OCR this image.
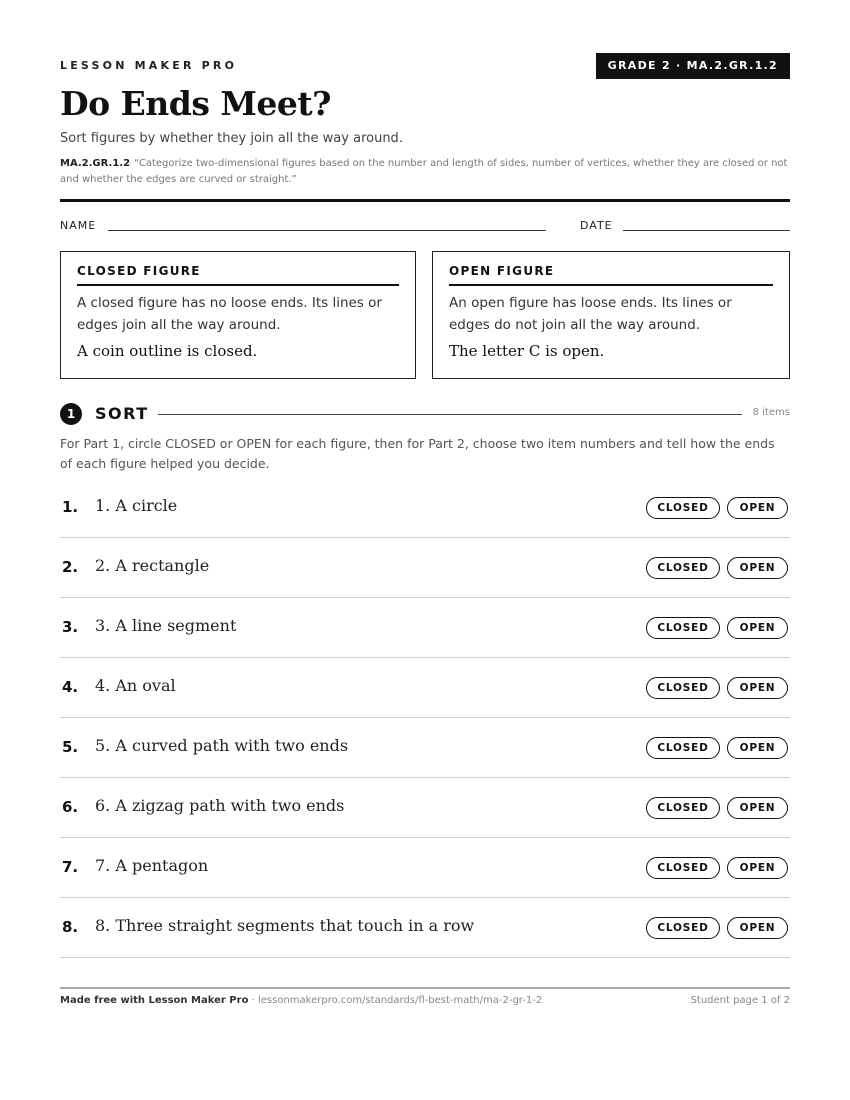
LESSON MAKER PRO	GRADE 2 · MA.2.GR.1.2
Do Ends Meet?
Sort figures by whether they join all the way around.
MA.2.GR.1.2 “Categorize two-dimensional figures based on the number and length of sides, number of vertices, whether they are closed or not and whether the edges are curved or straight.”
NAME	DATE
CLOSED FIGURE
A closed figure has no loose ends. Its lines or edges join all the way around.
A coin outline is closed.
OPEN FIGURE
An open figure has loose ends. Its lines or edges do not join all the way around.
The letter C is open.
1	SORT	8 items
For Part 1, circle CLOSED or OPEN for each figure, then for Part 2, choose two item numbers and tell how the ends of each figure helped you decide.
1. 1. A circle	CLOSED	OPEN
2. 2. A rectangle	CLOSED	OPEN
3. 3. A line segment	CLOSED	OPEN
4. 4. An oval	CLOSED	OPEN
5. 5. A curved path with two ends	CLOSED	OPEN
6. 6. A zigzag path with two ends	CLOSED	OPEN
7. 7. A pentagon	CLOSED	OPEN
8. 8. Three straight segments that touch in a row	CLOSED	OPEN
Made free with Lesson Maker Pro · lessonmakerpro.com/standards/fl-best-math/ma-2-gr-1-2	Student page 1 of 2
